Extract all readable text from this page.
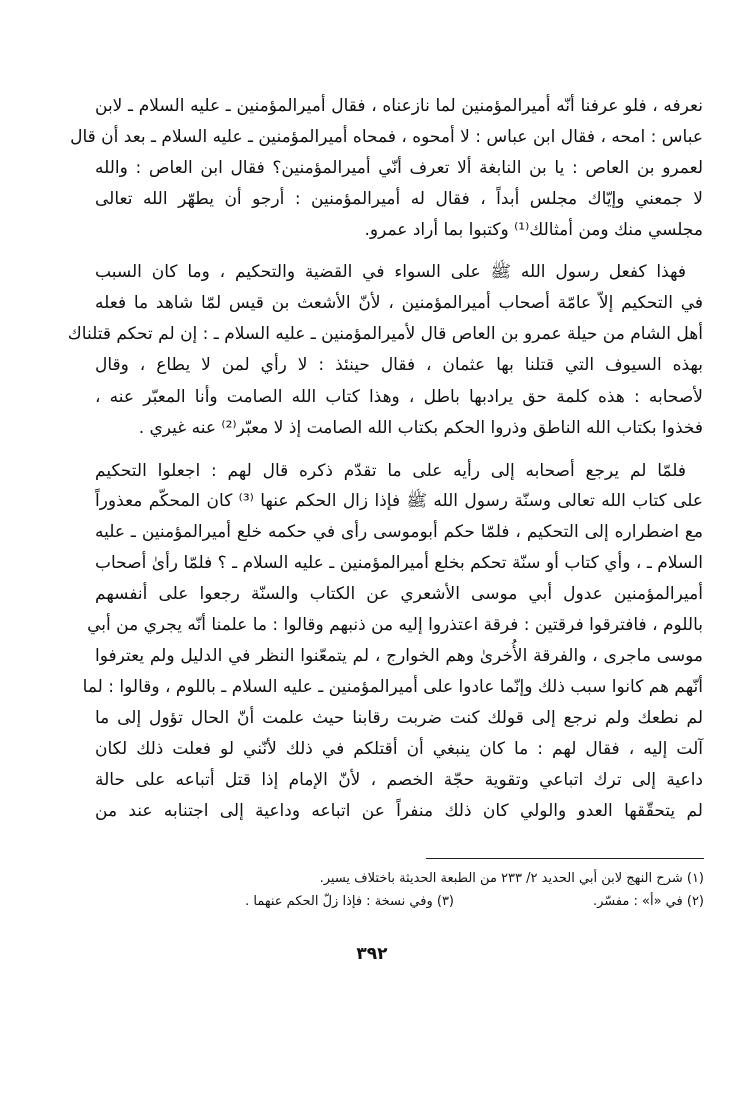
نعرفه ، فلو عرفنا أنّه أميرالمؤمنين لما نازعناه ، فقال أميرالمؤمنين ـ عليه السلام ـ لابن
عباس : امحه ، فقال ابن عباس : لا أمحوه ، فمحاه أميرالمؤمنين ـ عليه السلام ـ بعد أن قال
لعمرو بن العاص : يا بن النابغة ألا تعرف أنّي أميرالمؤمنين؟ فقال ابن العاص : والله
لا جمعني وإيّاك مجلس أبداً ، فقال له أميرالمؤمنين : أرجو أن يطهّر الله تعالى
مجلسي منك ومن أمثالك⁽¹⁾ وكتبوا بما أراد عمرو.
فهذا كفعل رسول الله ﷺ على السواء في القضية والتحكيم ، وما كان السبب
في التحكيم إلاّ عامّة أصحاب أميرالمؤمنين ، لأنّ الأشعث بن قيس لمّا شاهد ما فعله
أهل الشام من حيلة عمرو بن العاص قال لأميرالمؤمنين ـ عليه السلام ـ : إن لم تحكم قتلناك
بهذه السيوف التي قتلنا بها عثمان ، فقال حينئذ : لا رأي لمن لا يطاع ، وقال
لأصحابه : هذه كلمة حق يرادبها باطل ، وهذا كتاب الله الصامت وأنا المعبّر عنه ،
فخذوا بكتاب الله الناطق وذروا الحكم بكتاب الله الصامت إذ لا معبّر⁽²⁾ عنه غيري .
فلمّا لم يرجع أصحابه إلى رأيه على ما تقدّم ذكره قال لهم : اجعلوا التحكيم
على كتاب الله تعالى وسنّة رسول الله ﷺ فإذا زال الحكم عنها ⁽³⁾ كان المحكّم معذوراً
مع اضطراره إلى التحكيم ، فلمّا حكم أبوموسى رأى في حكمه خلع أميرالمؤمنين ـ عليه
السلام ـ ، وأي كتاب أو سنّة تحكم بخلع أميرالمؤمنين ـ عليه السلام ـ ؟ فلمّا رأىٰ أصحاب
أميرالمؤمنين عدول أبي موسى الأشعري عن الكتاب والسنّة رجعوا على أنفسهم
باللوم ، فافترقوا فرقتين : فرقة اعتذروا إليه من ذنبهم وقالوا : ما علمنا أنّه يجري من أبي
موسى ماجرى ، والفرقة الأُخرىٰ وهم الخوارج ، لم يتمعّنوا النظر في الدليل ولم يعترفوا
أنّهم هم كانوا سبب ذلك وإنّما عادوا على أميرالمؤمنين ـ عليه السلام ـ باللوم ، وقالوا : لما
لم نطعك ولم نرجع إلى قولك كنت ضربت رقابنا حيث علمت أنّ الحال تؤول إلى ما
آلت إليه ، فقال لهم : ما كان ينبغي أن أقتلكم في ذلك لأنّني لو فعلت ذلك لكان
داعية إلى ترك اتباعي وتقوية حجّة الخصم ، لأنّ الإمام إذا قتل أتباعه على حالة
لم يتحقّقها العدو والولي كان ذلك منفراً عن اتباعه وداعية إلى اجتنابه عند من
(١) شرح النهج لابن أبي الحديد ٢/ ٢٣٣ من الطبعة الحديثة باختلاف يسير.
(٢) في «أ» : مفسّر.
(٣) وفي نسخة : فإذا زلّ الحكم عنهما .
٣٩٢
